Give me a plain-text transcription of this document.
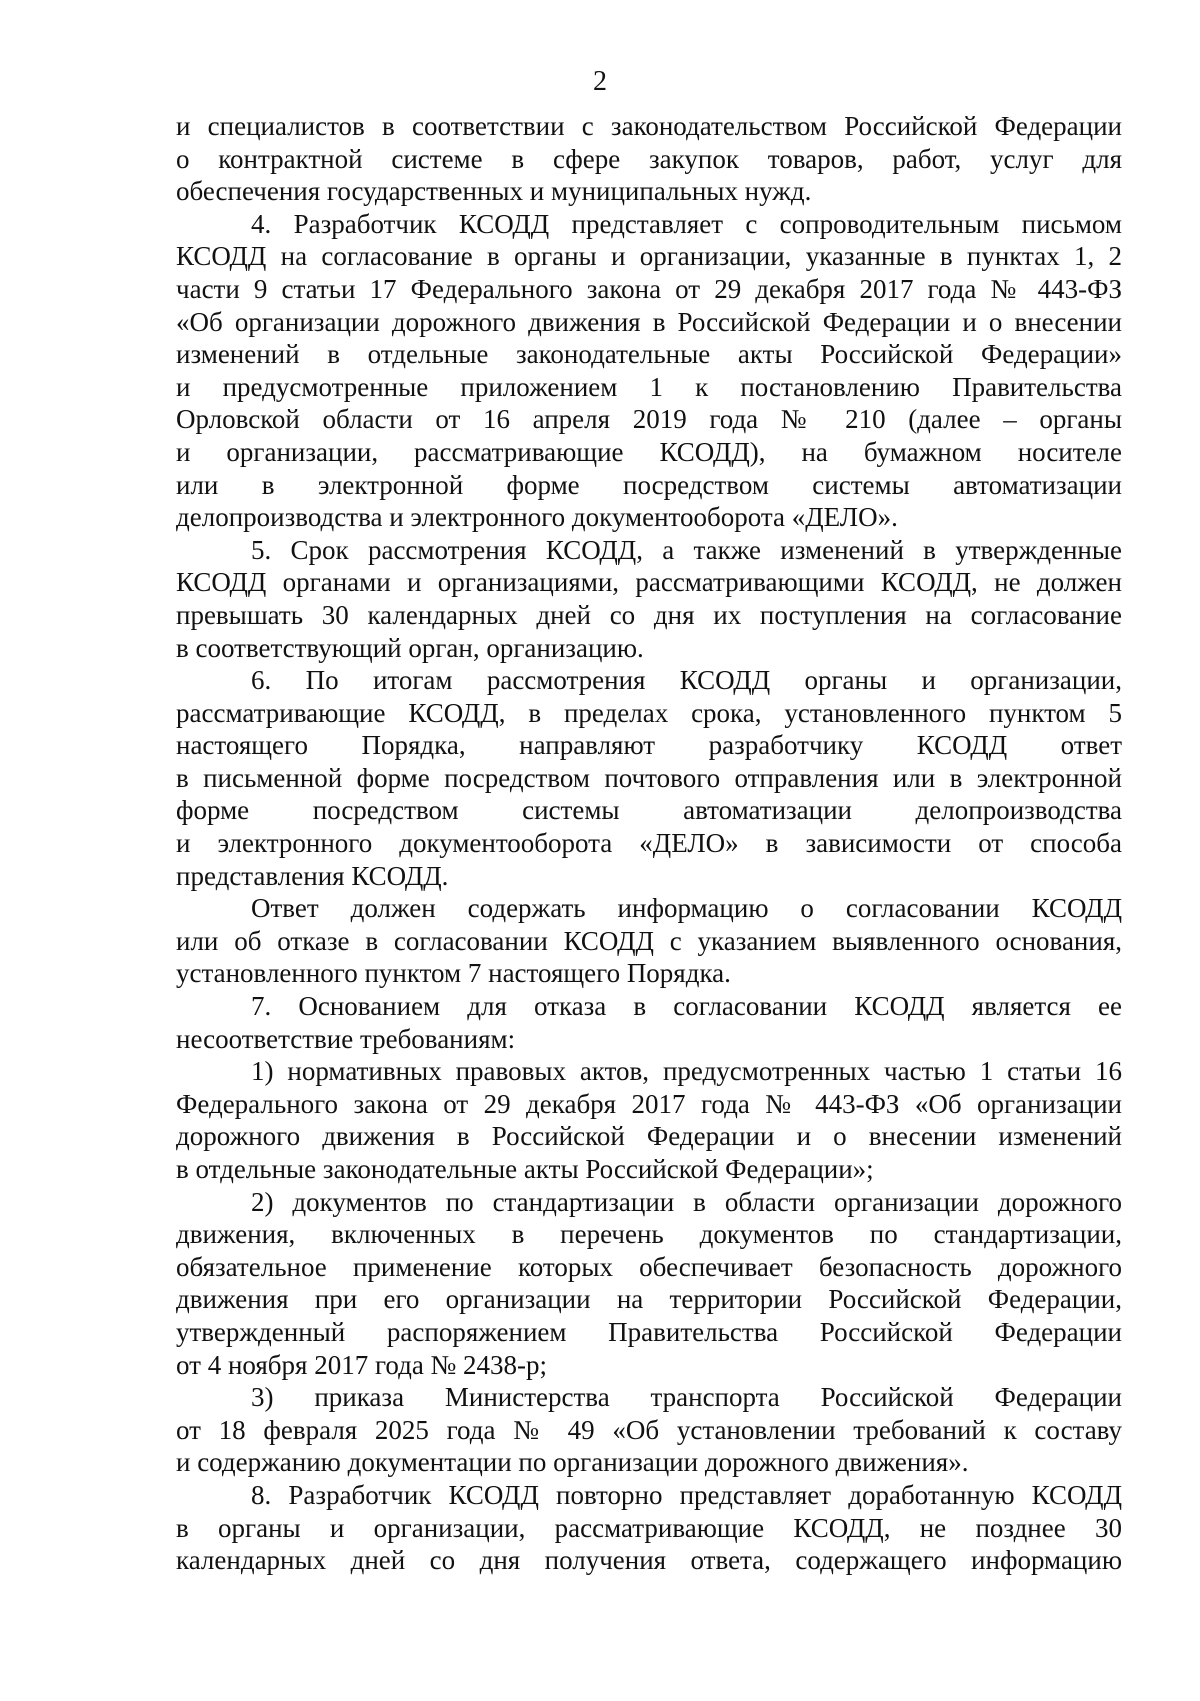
2
и специалистов в соответствии с законодательством Российской Федерации
о контрактной системе в сфере закупок товаров, работ, услуг для
обеспечения государственных и муниципальных нужд.
4. Разработчик КСОДД представляет с сопроводительным письмом
КСОДД на согласование в органы и организации, указанные в пунктах 1, 2
части 9 статьи 17 Федерального закона от 29 декабря 2017 года № 443-ФЗ
«Об организации дорожного движения в Российской Федерации и о внесении
изменений в отдельные законодательные акты Российской Федерации»
и предусмотренные приложением 1 к постановлению Правительства
Орловской области от 16 апреля 2019 года № 210 (далее – органы
и организации, рассматривающие КСОДД), на бумажном носителе
или в электронной форме посредством системы автоматизации
делопроизводства и электронного документооборота «ДЕЛО».
5. Срок рассмотрения КСОДД, а также изменений в утвержденные
КСОДД органами и организациями, рассматривающими КСОДД, не должен
превышать 30 календарных дней со дня их поступления на согласование
в соответствующий орган, организацию.
6. По итогам рассмотрения КСОДД органы и организации,
рассматривающие КСОДД, в пределах срока, установленного пунктом 5
настоящего Порядка, направляют разработчику КСОДД ответ
в письменной форме посредством почтового отправления или в электронной
форме посредством системы автоматизации делопроизводства
и электронного документооборота «ДЕЛО» в зависимости от способа
представления КСОДД.
Ответ должен содержать информацию о согласовании КСОДД
или об отказе в согласовании КСОДД с указанием выявленного основания,
установленного пунктом 7 настоящего Порядка.
7. Основанием для отказа в согласовании КСОДД является ее
несоответствие требованиям:
1) нормативных правовых актов, предусмотренных частью 1 статьи 16
Федерального закона от 29 декабря 2017 года № 443-ФЗ «Об организации
дорожного движения в Российской Федерации и о внесении изменений
в отдельные законодательные акты Российской Федерации»;
2) документов по стандартизации в области организации дорожного
движения, включенных в перечень документов по стандартизации,
обязательное применение которых обеспечивает безопасность дорожного
движения при его организации на территории Российской Федерации,
утвержденный распоряжением Правительства Российской Федерации
от 4 ноября 2017 года № 2438-р;
3) приказа Министерства транспорта Российской Федерации
от 18 февраля 2025 года № 49 «Об установлении требований к составу
и содержанию документации по организации дорожного движения».
8. Разработчик КСОДД повторно представляет доработанную КСОДД
в органы и организации, рассматривающие КСОДД, не позднее 30
календарных дней со дня получения ответа, содержащего информацию
